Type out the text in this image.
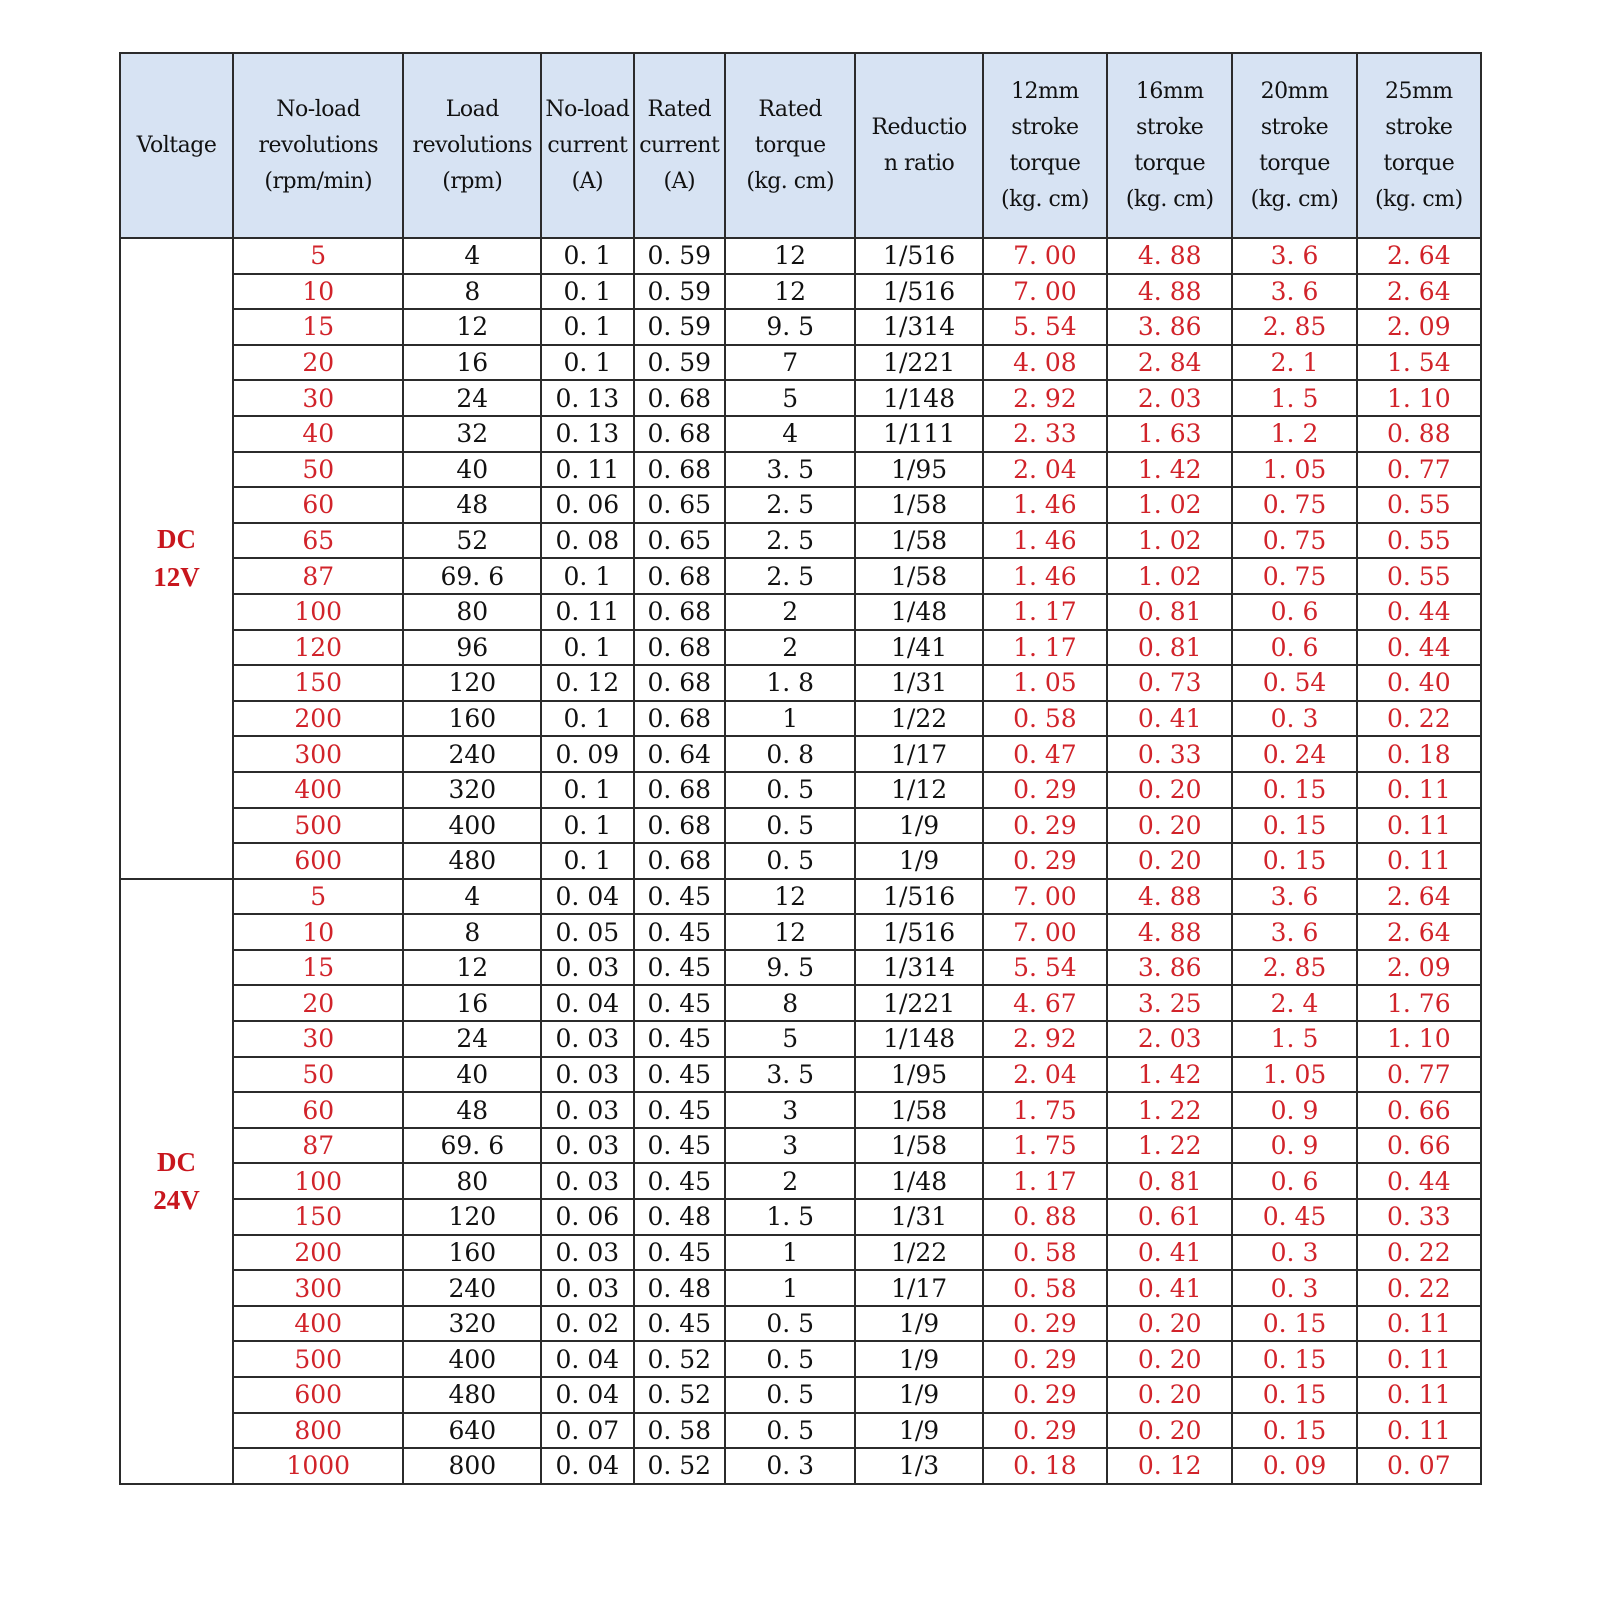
Voltage	No-load
revolutions
(rpm/min)	Load
revolutions
(rpm)	No-load
current
(A)	Rated
current
(A)	Rated
torque
(kg. cm)	Reductio
n ratio	12mm
stroke
torque
(kg. cm)	16mm
stroke
torque
(kg. cm)	20mm
stroke
torque
(kg. cm)	25mm
stroke
torque
(kg. cm)

DC
12V	5	4	0. 1	0. 59	12	1/516	7. 00	4. 88	3. 6	2. 64
	10	8	0. 1	0. 59	12	1/516	7. 00	4. 88	3. 6	2. 64
	15	12	0. 1	0. 59	9. 5	1/314	5. 54	3. 86	2. 85	2. 09
	20	16	0. 1	0. 59	7	1/221	4. 08	2. 84	2. 1	1. 54
	30	24	0. 13	0. 68	5	1/148	2. 92	2. 03	1. 5	1. 10
	40	32	0. 13	0. 68	4	1/111	2. 33	1. 63	1. 2	0. 88
	50	40	0. 11	0. 68	3. 5	1/95	2. 04	1. 42	1. 05	0. 77
	60	48	0. 06	0. 65	2. 5	1/58	1. 46	1. 02	0. 75	0. 55
	65	52	0. 08	0. 65	2. 5	1/58	1. 46	1. 02	0. 75	0. 55
	87	69. 6	0. 1	0. 68	2. 5	1/58	1. 46	1. 02	0. 75	0. 55
	100	80	0. 11	0. 68	2	1/48	1. 17	0. 81	0. 6	0. 44
	120	96	0. 1	0. 68	2	1/41	1. 17	0. 81	0. 6	0. 44
	150	120	0. 12	0. 68	1. 8	1/31	1. 05	0. 73	0. 54	0. 40
	200	160	0. 1	0. 68	1	1/22	0. 58	0. 41	0. 3	0. 22
	300	240	0. 09	0. 64	0. 8	1/17	0. 47	0. 33	0. 24	0. 18
	400	320	0. 1	0. 68	0. 5	1/12	0. 29	0. 20	0. 15	0. 11
	500	400	0. 1	0. 68	0. 5	1/9	0. 29	0. 20	0. 15	0. 11
	600	480	0. 1	0. 68	0. 5	1/9	0. 29	0. 20	0. 15	0. 11

DC
24V	5	4	0. 04	0. 45	12	1/516	7. 00	4. 88	3. 6	2. 64
	10	8	0. 05	0. 45	12	1/516	7. 00	4. 88	3. 6	2. 64
	15	12	0. 03	0. 45	9. 5	1/314	5. 54	3. 86	2. 85	2. 09
	20	16	0. 04	0. 45	8	1/221	4. 67	3. 25	2. 4	1. 76
	30	24	0. 03	0. 45	5	1/148	2. 92	2. 03	1. 5	1. 10
	50	40	0. 03	0. 45	3. 5	1/95	2. 04	1. 42	1. 05	0. 77
	60	48	0. 03	0. 45	3	1/58	1. 75	1. 22	0. 9	0. 66
	87	69. 6	0. 03	0. 45	3	1/58	1. 75	1. 22	0. 9	0. 66
	100	80	0. 03	0. 45	2	1/48	1. 17	0. 81	0. 6	0. 44
	150	120	0. 06	0. 48	1. 5	1/31	0. 88	0. 61	0. 45	0. 33
	200	160	0. 03	0. 45	1	1/22	0. 58	0. 41	0. 3	0. 22
	300	240	0. 03	0. 48	1	1/17	0. 58	0. 41	0. 3	0. 22
	400	320	0. 02	0. 45	0. 5	1/9	0. 29	0. 20	0. 15	0. 11
	500	400	0. 04	0. 52	0. 5	1/9	0. 29	0. 20	0. 15	0. 11
	600	480	0. 04	0. 52	0. 5	1/9	0. 29	0. 20	0. 15	0. 11
	800	640	0. 07	0. 58	0. 5	1/9	0. 29	0. 20	0. 15	0. 11
	1000	800	0. 04	0. 52	0. 3	1/3	0. 18	0. 12	0. 09	0. 07
